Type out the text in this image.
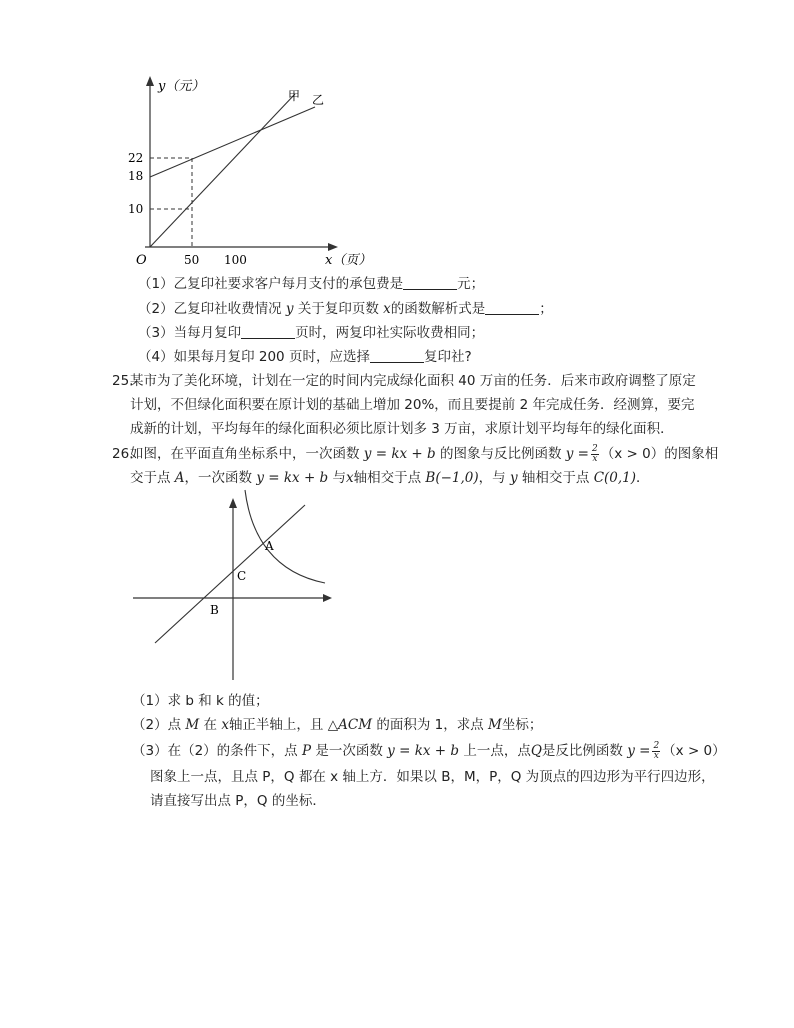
y（元）
22
18
10
O	50 100	x（页）
甲 乙
（1）乙复印社要求客户每月支付的承包费是	元；
（2）乙复印社收费情况 y 关于复印页数 x的函数解析式是	；
（3）当每月复印	页时，两复印社实际收费相同；
（4）如果每月复印 200 页时，应选择	复印社?
25.
某市为了美化环境，计划在一定的时间内完成绿化面积 40 万亩的任务．后来市政府调整了原定
计划，不但绿化面积要在原计划的基础上增加 20%，而且要提前 2 年完成任务．经测算，要完
成新的计划，平均每年的绿化面积必须比原计划多 3 万亩，求原计划平均每年的绿化面积．
26.
如图，在平面直角坐标系中，一次函数 y = kx + b 的图象与反比例函数 $y = \frac{2}{x} (x > 0)$的图象相
交于点 A，一次函数 y = kx + b 与x轴相交于点 B(−1,0)，与 y 轴相交于点 C(0,1)．
A
C
B
（1）求 b 和 k 的值；
（2）点 M 在 x轴正半轴上，且 △ACM 的面积为 1，求点 M坐标；
（3）在（2）的条件下，点 P 是一次函数 y = kx + b 上一点，点Q是反比例函数 $y = \frac{2}{x} (x > 0)$
图象上一点，且点 P，Q 都在 x 轴上方．如果以 B，M，P，Q 为顶点的四边形为平行四边形，
请直接写出点 P，Q 的坐标．
